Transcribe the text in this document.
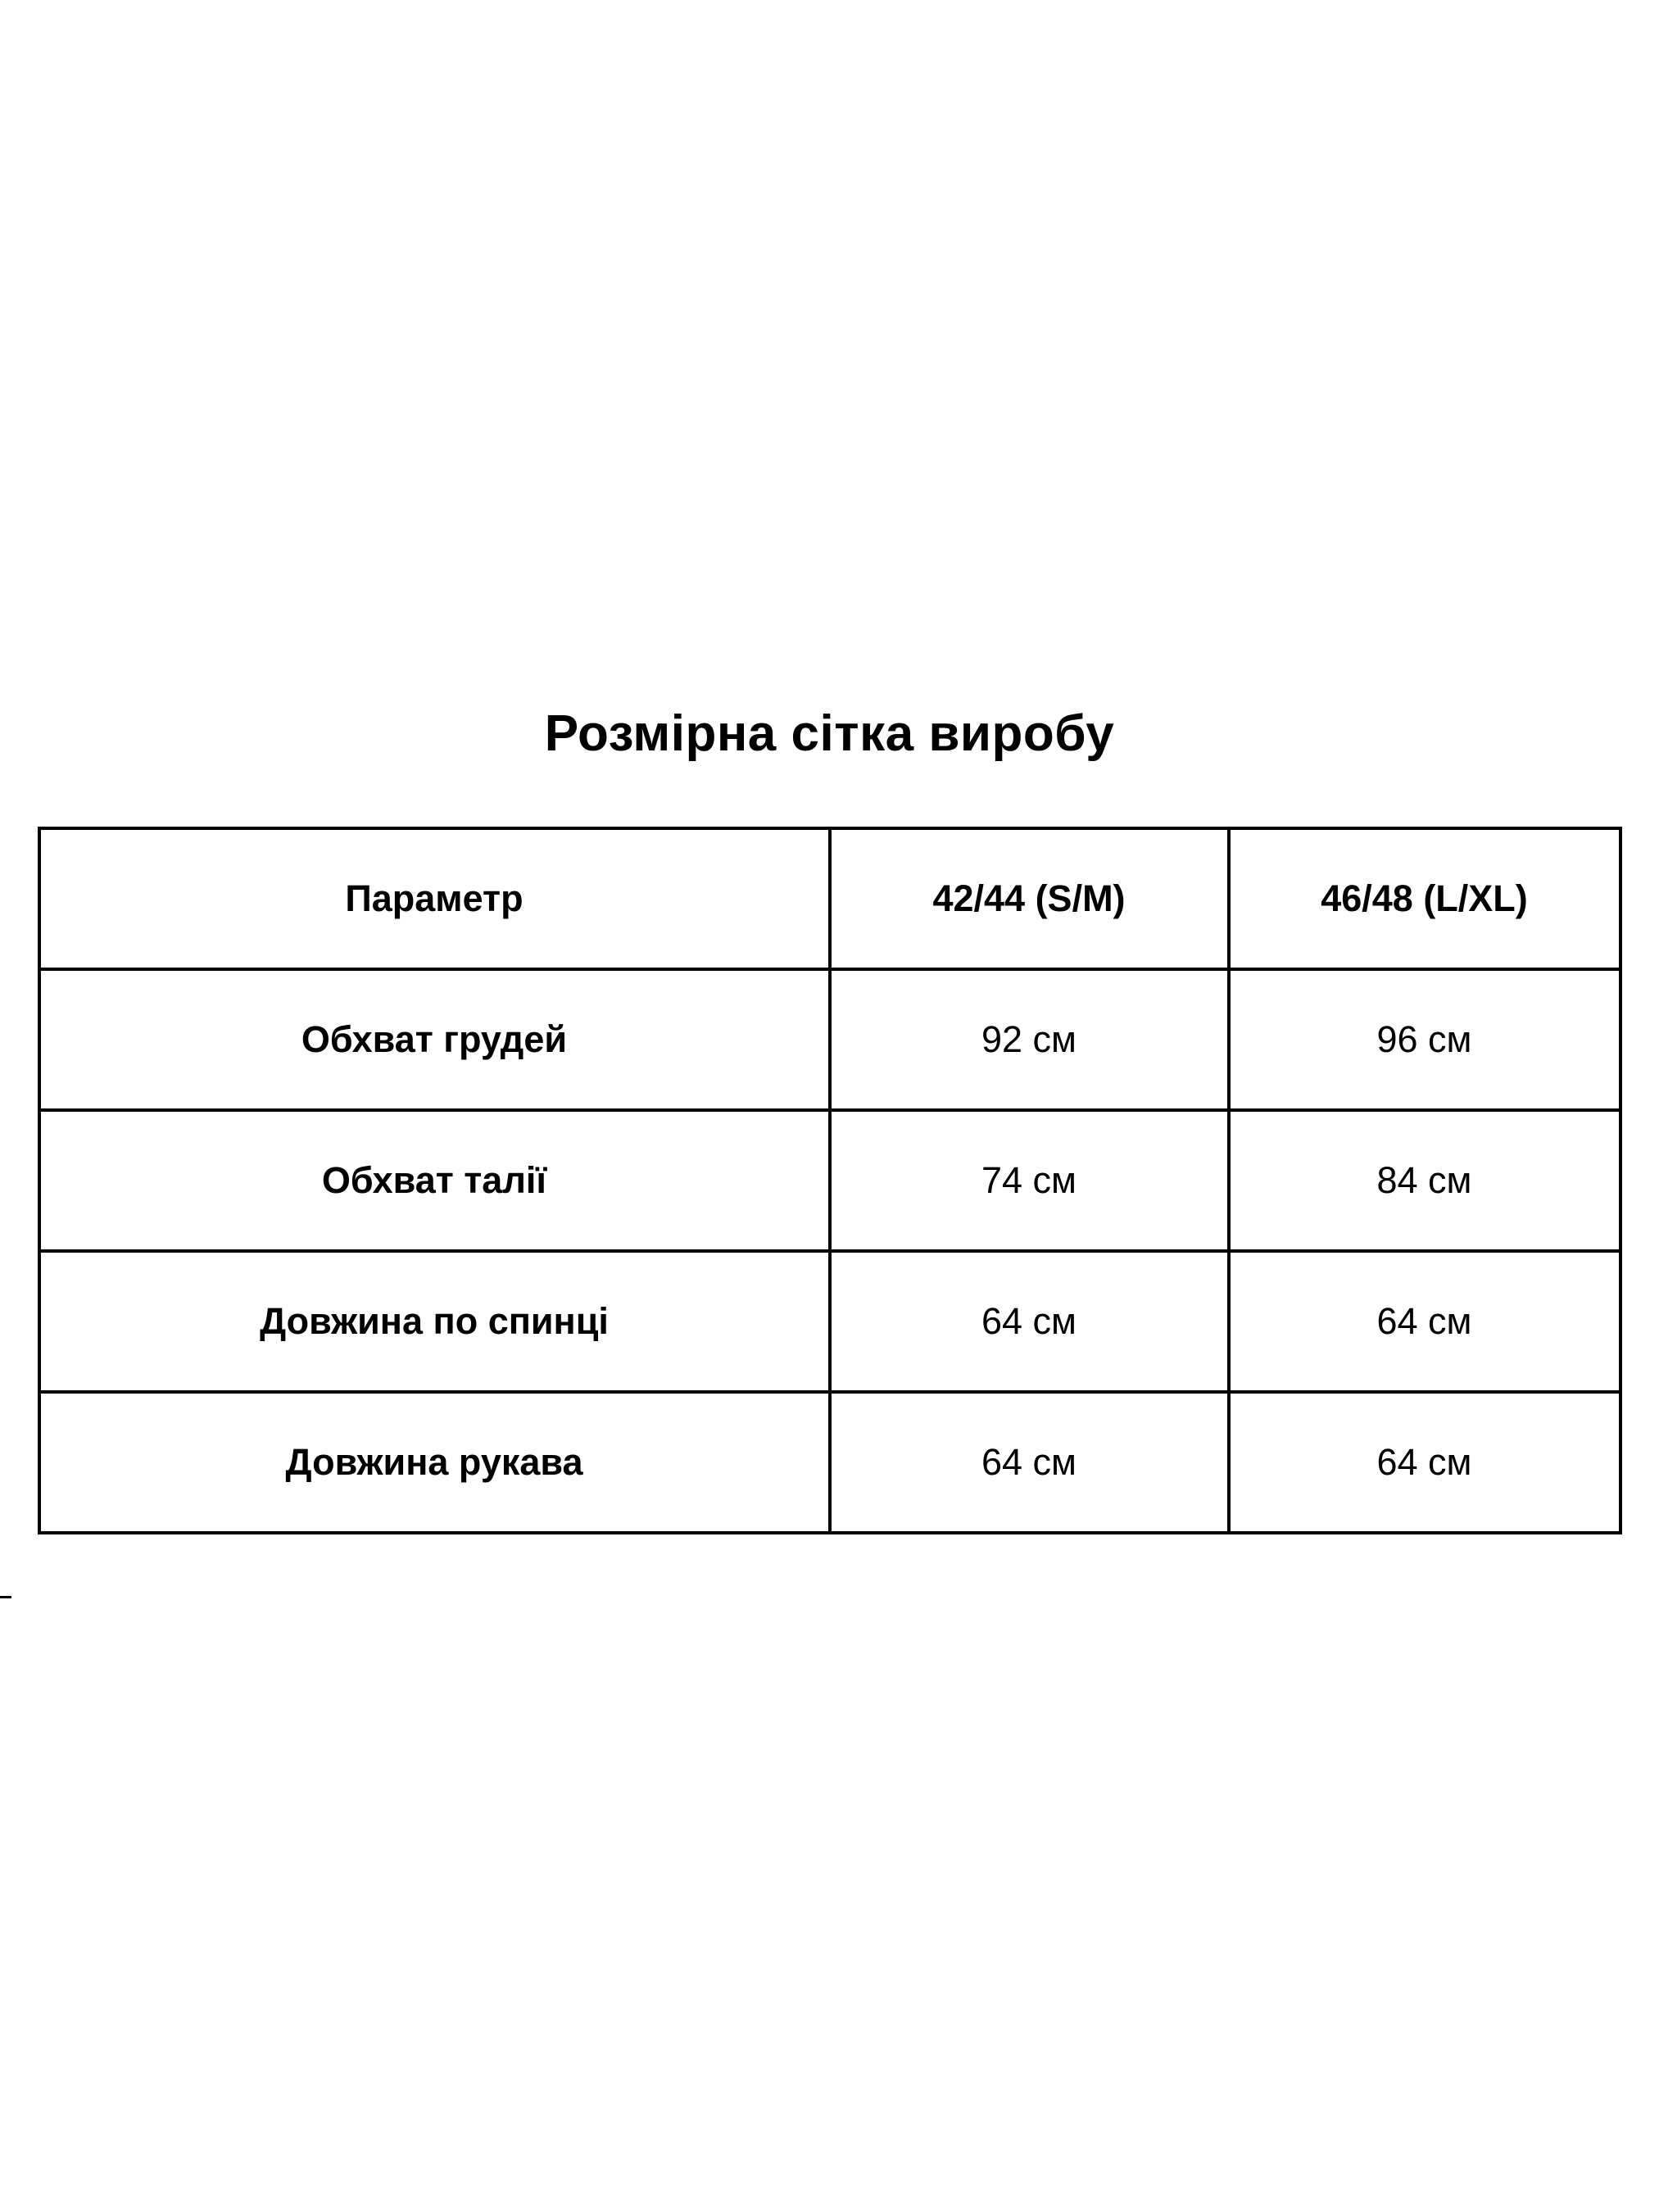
Розмірна сітка виробу
Параметр	42/44 (S/M)	46/48 (L/XL)
Обхват грудей	92 см	96 см
Обхват талії	74 см	84 см
Довжина по спинці	64 см	64 см
Довжина рукава	64 см	64 см
